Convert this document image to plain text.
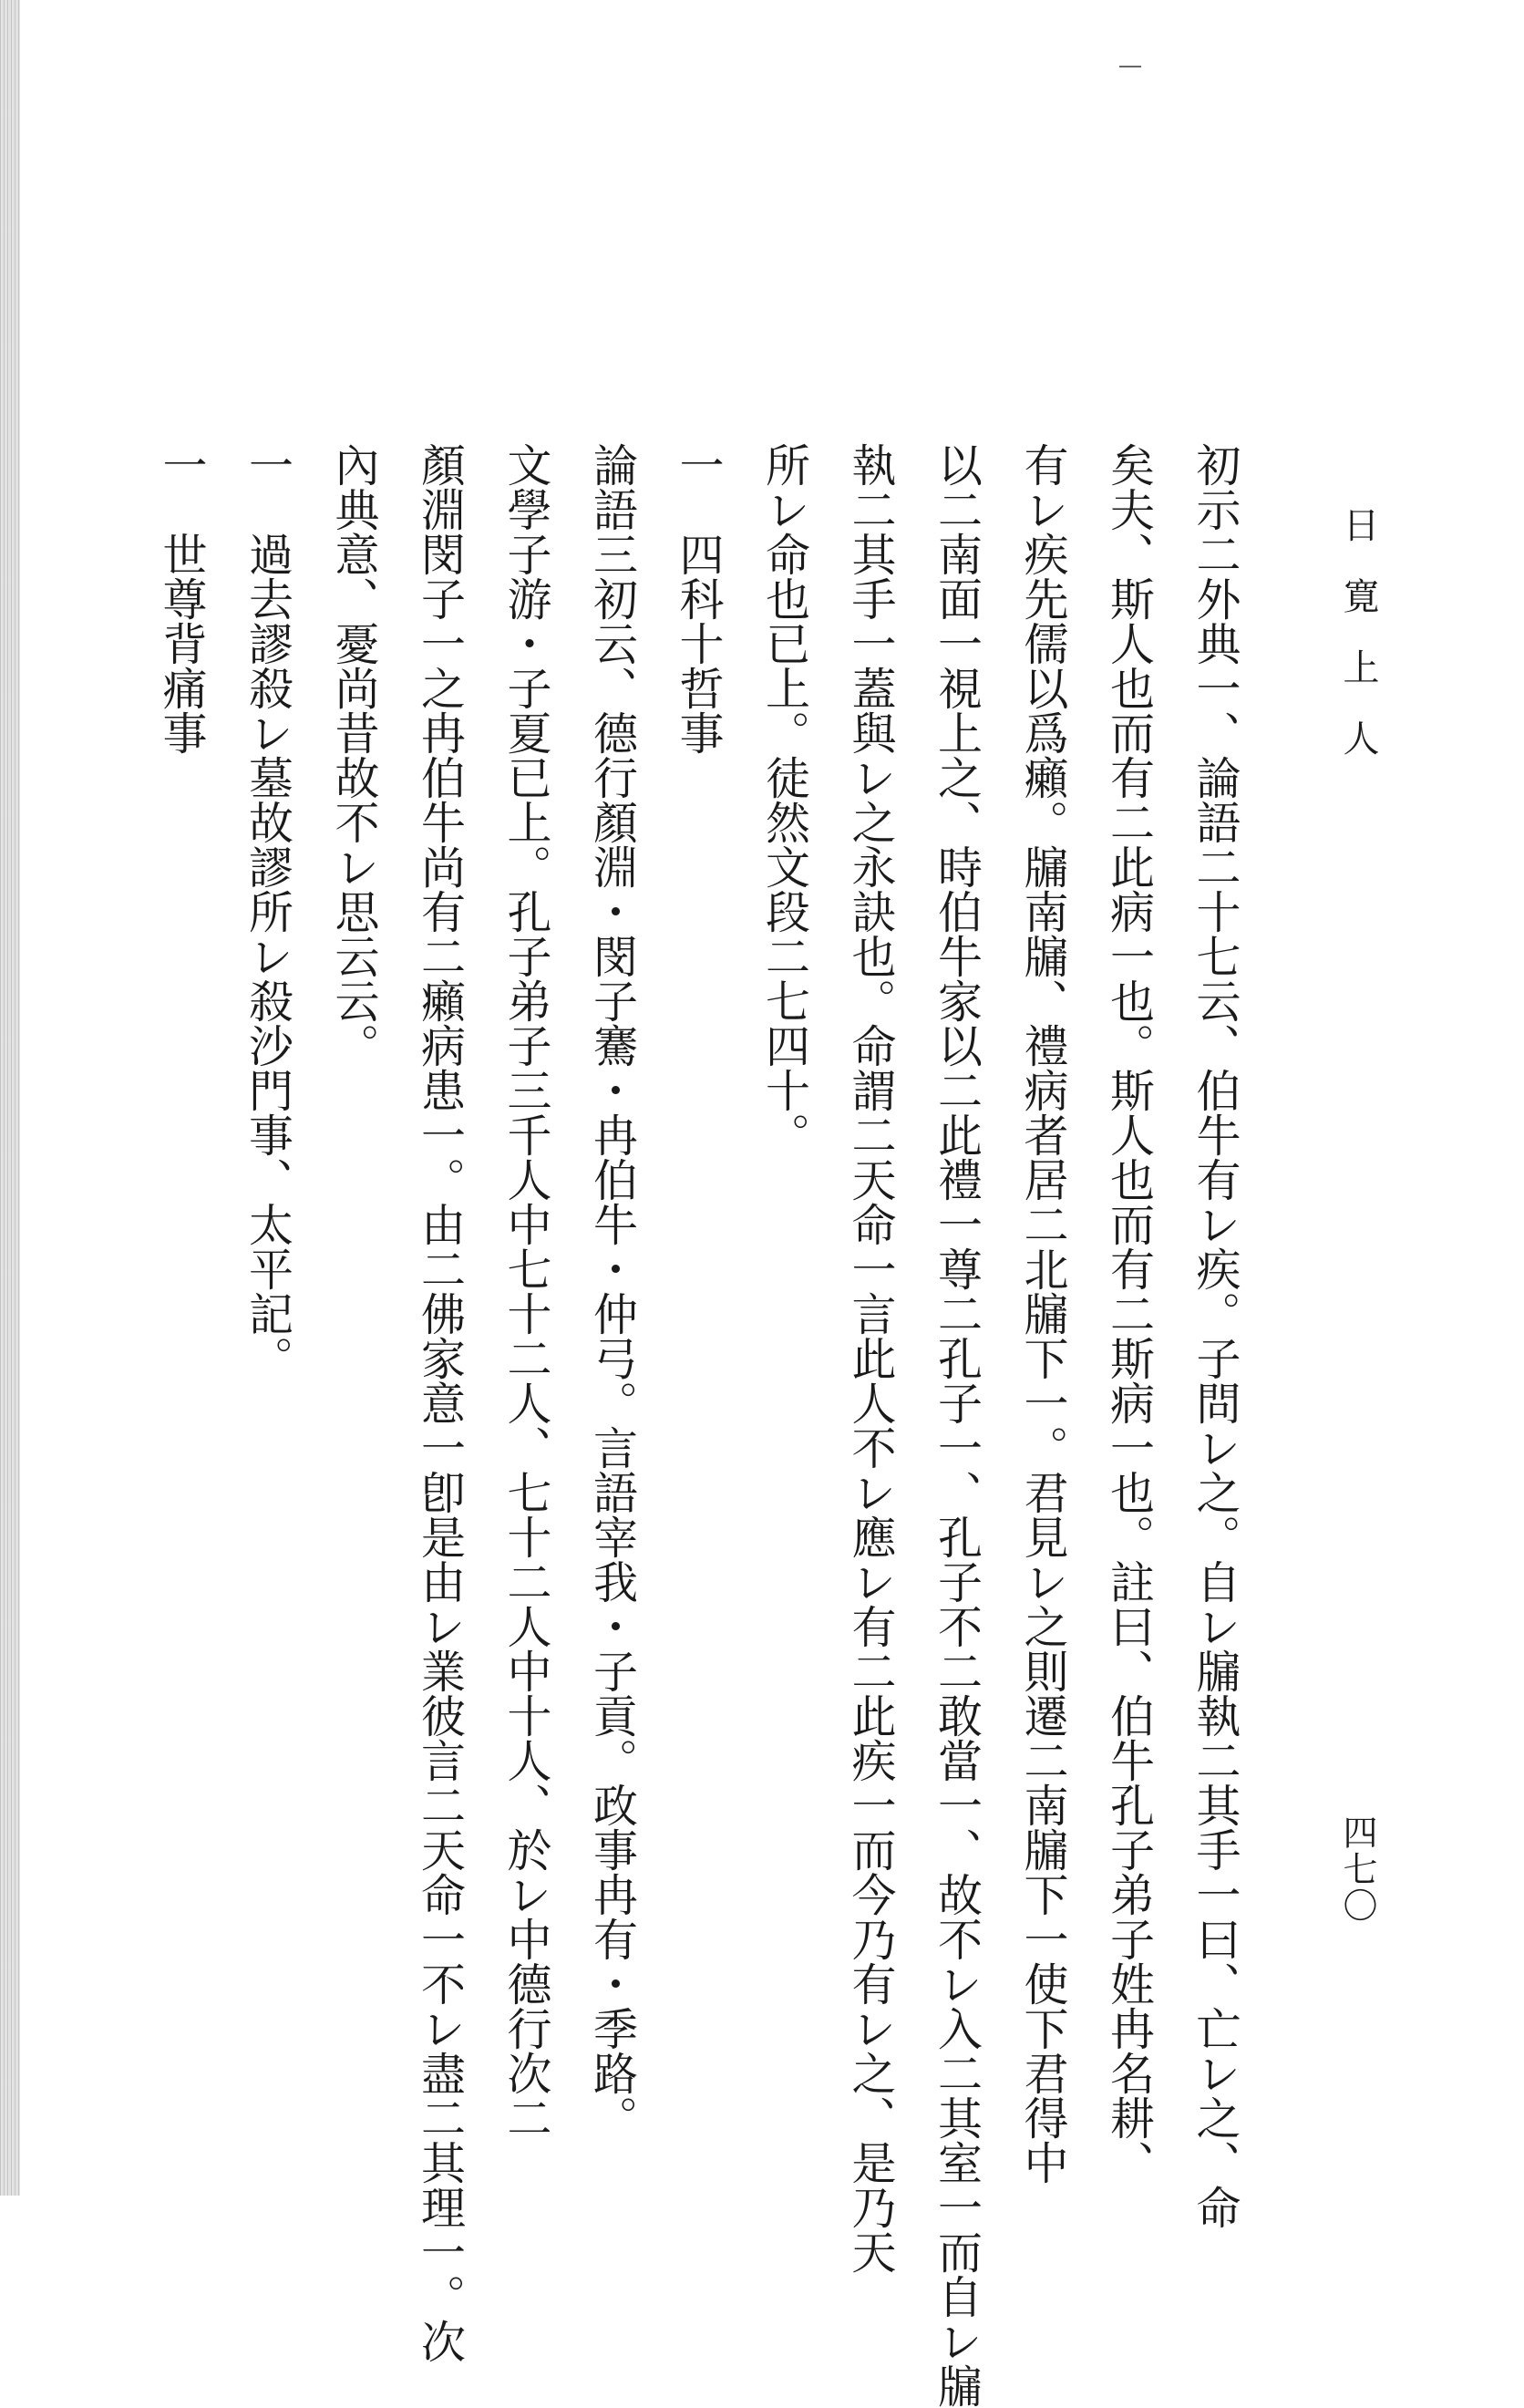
日寛上人
四七〇
初示二外典一、論語二十七云、伯牛有レ疾。子問レ之。自レ牖執二其手一曰、亡レ之、命
矣夫、斯人也而有二此病一也。斯人也而有二斯病一也。註曰、伯牛孔子弟子姓冉名耕、
有レ疾先儒以爲癩。牖南牖、禮病者居二北牖下一。君見レ之則遷二南牖下一使下君得中
以二南面一視上之、時伯牛家以二此禮一尊二孔子一、孔子不二敢當一、故不レ入二其室一而自レ牖
執二其手一蓋與レ之永訣也。命謂二天命一言此人不レ應レ有二此疾一而今乃有レ之、是乃天
所レ命也已上。徒然文段二七四十。
一　四科十哲事
論語三初云、德行顏淵・閔子騫・冉伯牛・仲弓。言語宰我・子貢。政事冉有・季路。
文學子游・子夏已上。孔子弟子三千人中七十二人、七十二人中十人、於レ中德行次二
顏淵閔子一之冉伯牛尚有二癩病患一。由二佛家意一卽是由レ業彼言二天命一不レ盡二其理一。次
內典意、憂尚昔故不レ思云云。
一　過去謬殺レ墓故謬所レ殺沙門事、太平記。
一　世尊背痛事
